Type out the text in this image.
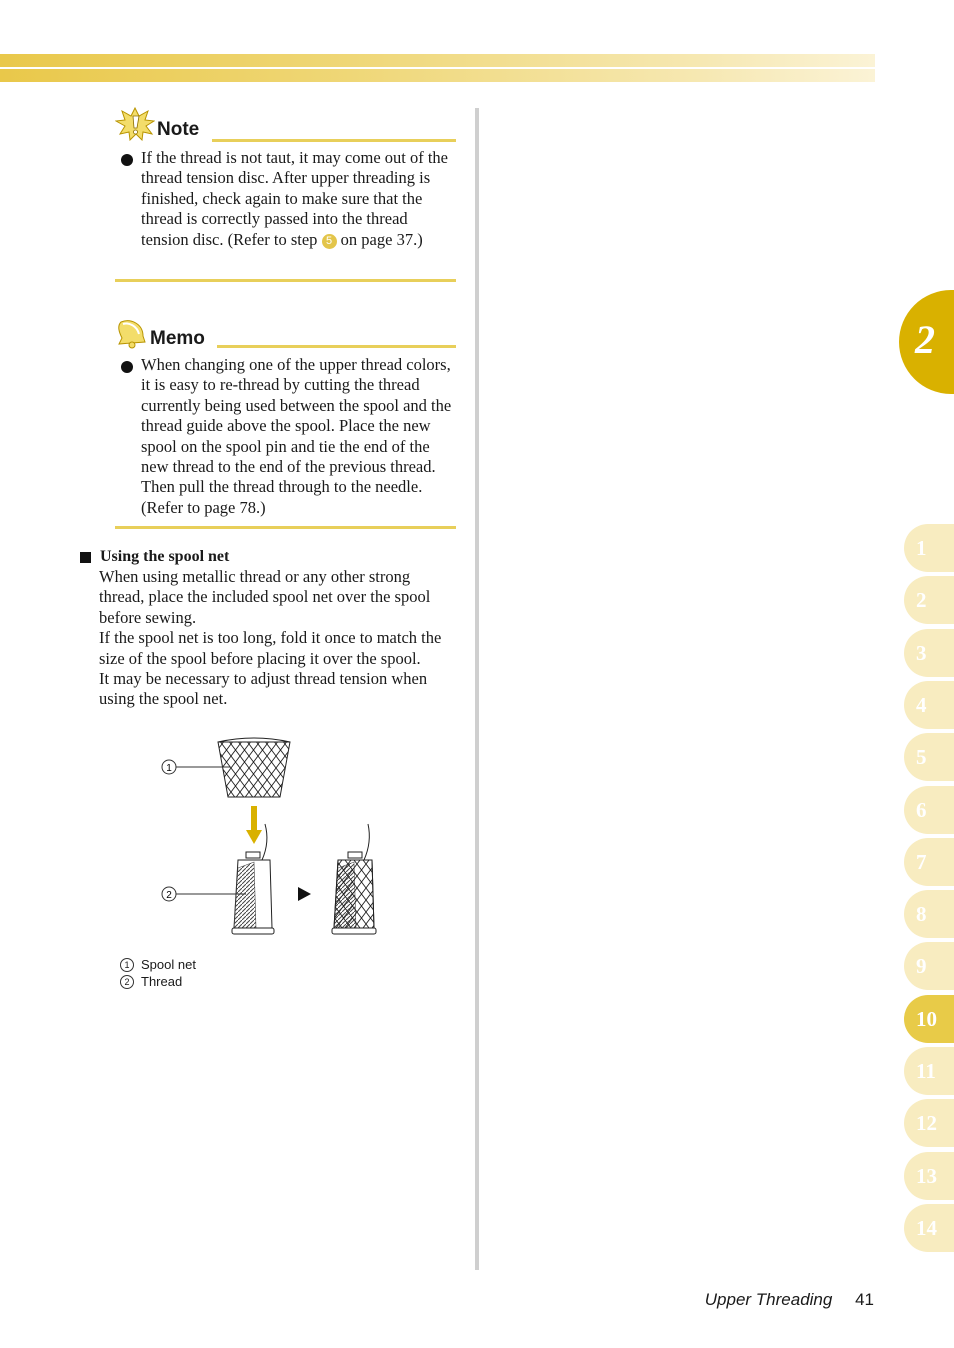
Note
If the thread is not taut, it may come out of the thread tension disc. After upper threading is finished, check again to make sure that the thread is correctly passed into the thread tension disc. (Refer to step 5 on page 37.)
Memo
When changing one of the upper thread colors, it is easy to re-thread by cutting the thread currently being used between the spool and the thread guide above the spool. Place the new spool on the spool pin and tie the end of the new thread to the end of the previous thread. Then pull the thread through to the needle. (Refer to page 78.)
Using the spool net

When using metallic thread or any other strong thread, place the included spool net over the spool before sewing.

If the spool net is too long, fold it once to match the size of the spool before placing it over the spool.

It may be necessary to adjust thread tension when using the spool net.

1
2
1 Spool net
2 Thread
2
1
2
3
4
5
6
7
8
9
10
11
12
13
14
Upper Threading 41
